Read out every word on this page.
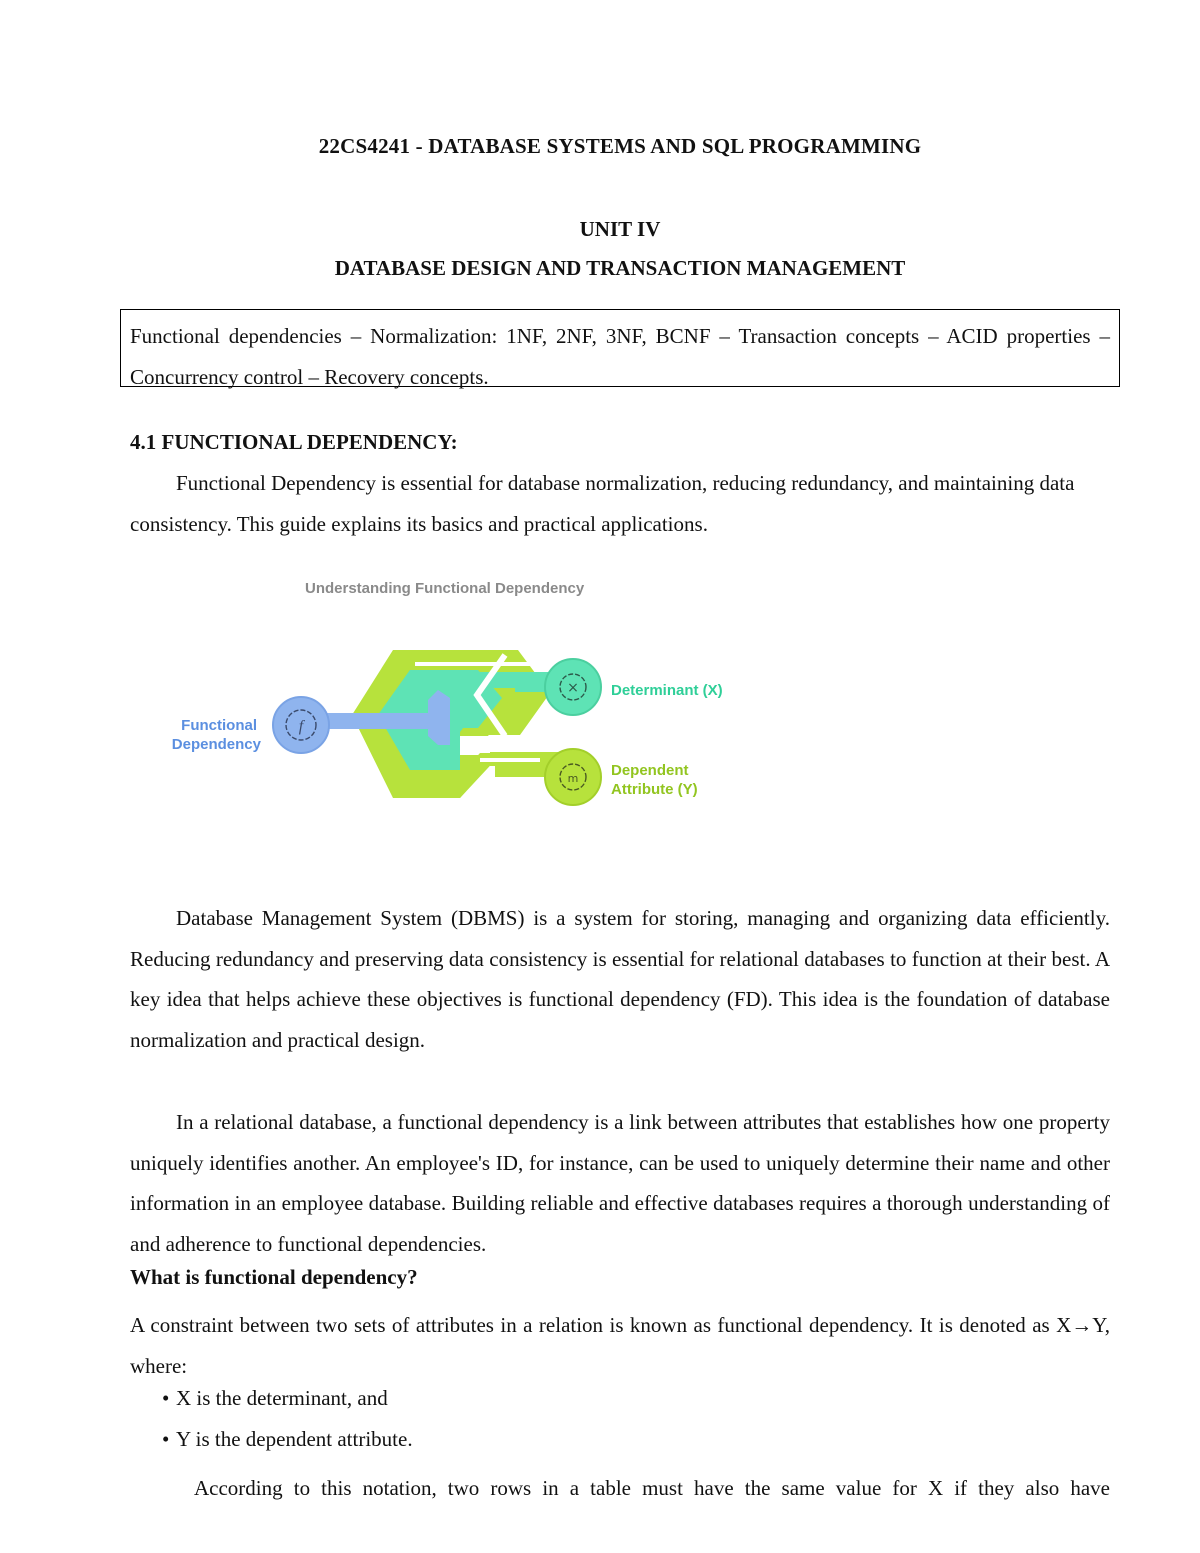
22CS4241 - DATABASE SYSTEMS AND SQL PROGRAMMING
UNIT IV
DATABASE DESIGN AND TRANSACTION MANAGEMENT
Functional dependencies – Normalization: 1NF, 2NF, 3NF, BCNF – Transaction concepts – ACID properties – Concurrency control – Recovery concepts.
4.1 FUNCTIONAL DEPENDENCY:
Functional Dependency is essential for database normalization, reducing redundancy, and maintaining data consistency. This guide explains its basics and practical applications.
Understanding Functional Dependency
f
×
m
Functional
Dependency
Determinant (X)
Dependent
Attribute (Y)
Database Management System (DBMS) is a system for storing, managing and organizing data efficiently. Reducing redundancy and preserving data consistency is essential for relational databases to function at their best. A key idea that helps achieve these objectives is functional dependency (FD). This idea is the foundation of database normalization and practical design.
In a relational database, a functional dependency is a link between attributes that establishes how one property uniquely identifies another. An employee's ID, for instance, can be used to uniquely determine their name and other information in an employee database. Building reliable and effective databases requires a thorough understanding of and adherence to functional dependencies.
What is functional dependency?
A constraint between two sets of attributes in a relation is known as functional dependency. It is denoted as X→Y, where:
• X is the determinant, and
• Y is the dependent attribute.
According to this notation, two rows in a table must have the same value for X if they also have
